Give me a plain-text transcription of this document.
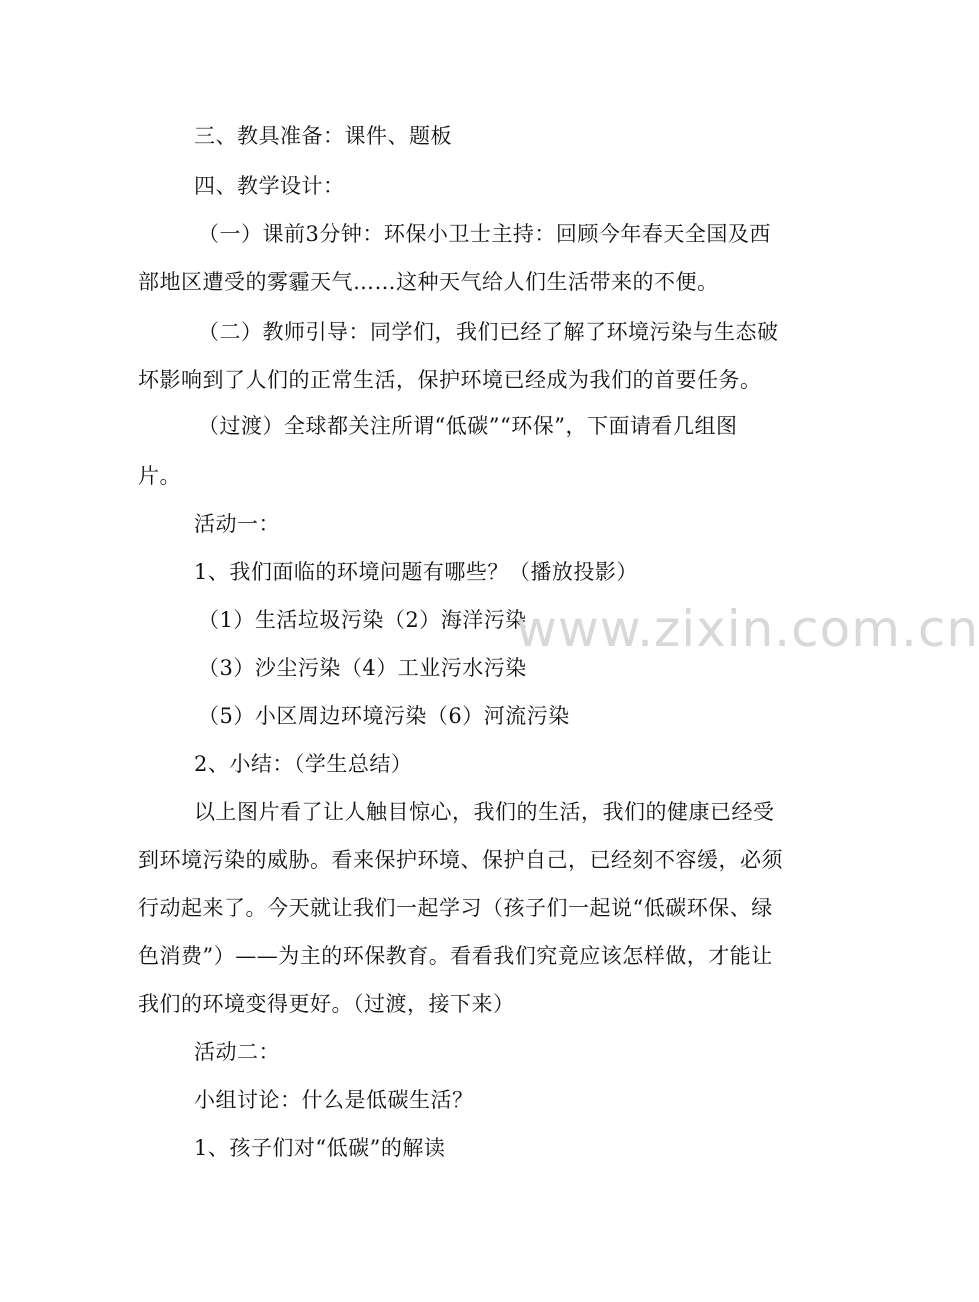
三、教具准备：课件、题板
四、教学设计：
（一）课前3分钟：环保小卫士主持：回顾今年春天全国及西
部地区遭受的雾霾天气……这种天气给人们生活带来的不便。
（二）教师引导：同学们，我们已经了解了环境污染与生态破
坏影响到了人们的正常生活，保护环境已经成为我们的首要任务。
（过渡）全球都关注所谓“低碳”“环保”，下面请看几组图
片。
活动一：
1、我们面临的环境问题有哪些？（播放投影）
（1）生活垃圾污染（2）海洋污染
（3）沙尘污染（4）工业污水污染
（5）小区周边环境污染（6）河流污染
2、小结：（学生总结）
以上图片看了让人触目惊心，我们的生活，我们的健康已经受
到环境污染的威胁。看来保护环境、保护自己，已经刻不容缓，必须
行动起来了。今天就让我们一起学习（孩子们一起说“低碳环保、绿
色消费”）——为主的环保教育。看看我们究竟应该怎样做，才能让
我们的环境变得更好。（过渡，接下来）
活动二：
小组讨论：什么是低碳生活？
1、孩子们对“低碳”的解读
www.zixin.com.cn
